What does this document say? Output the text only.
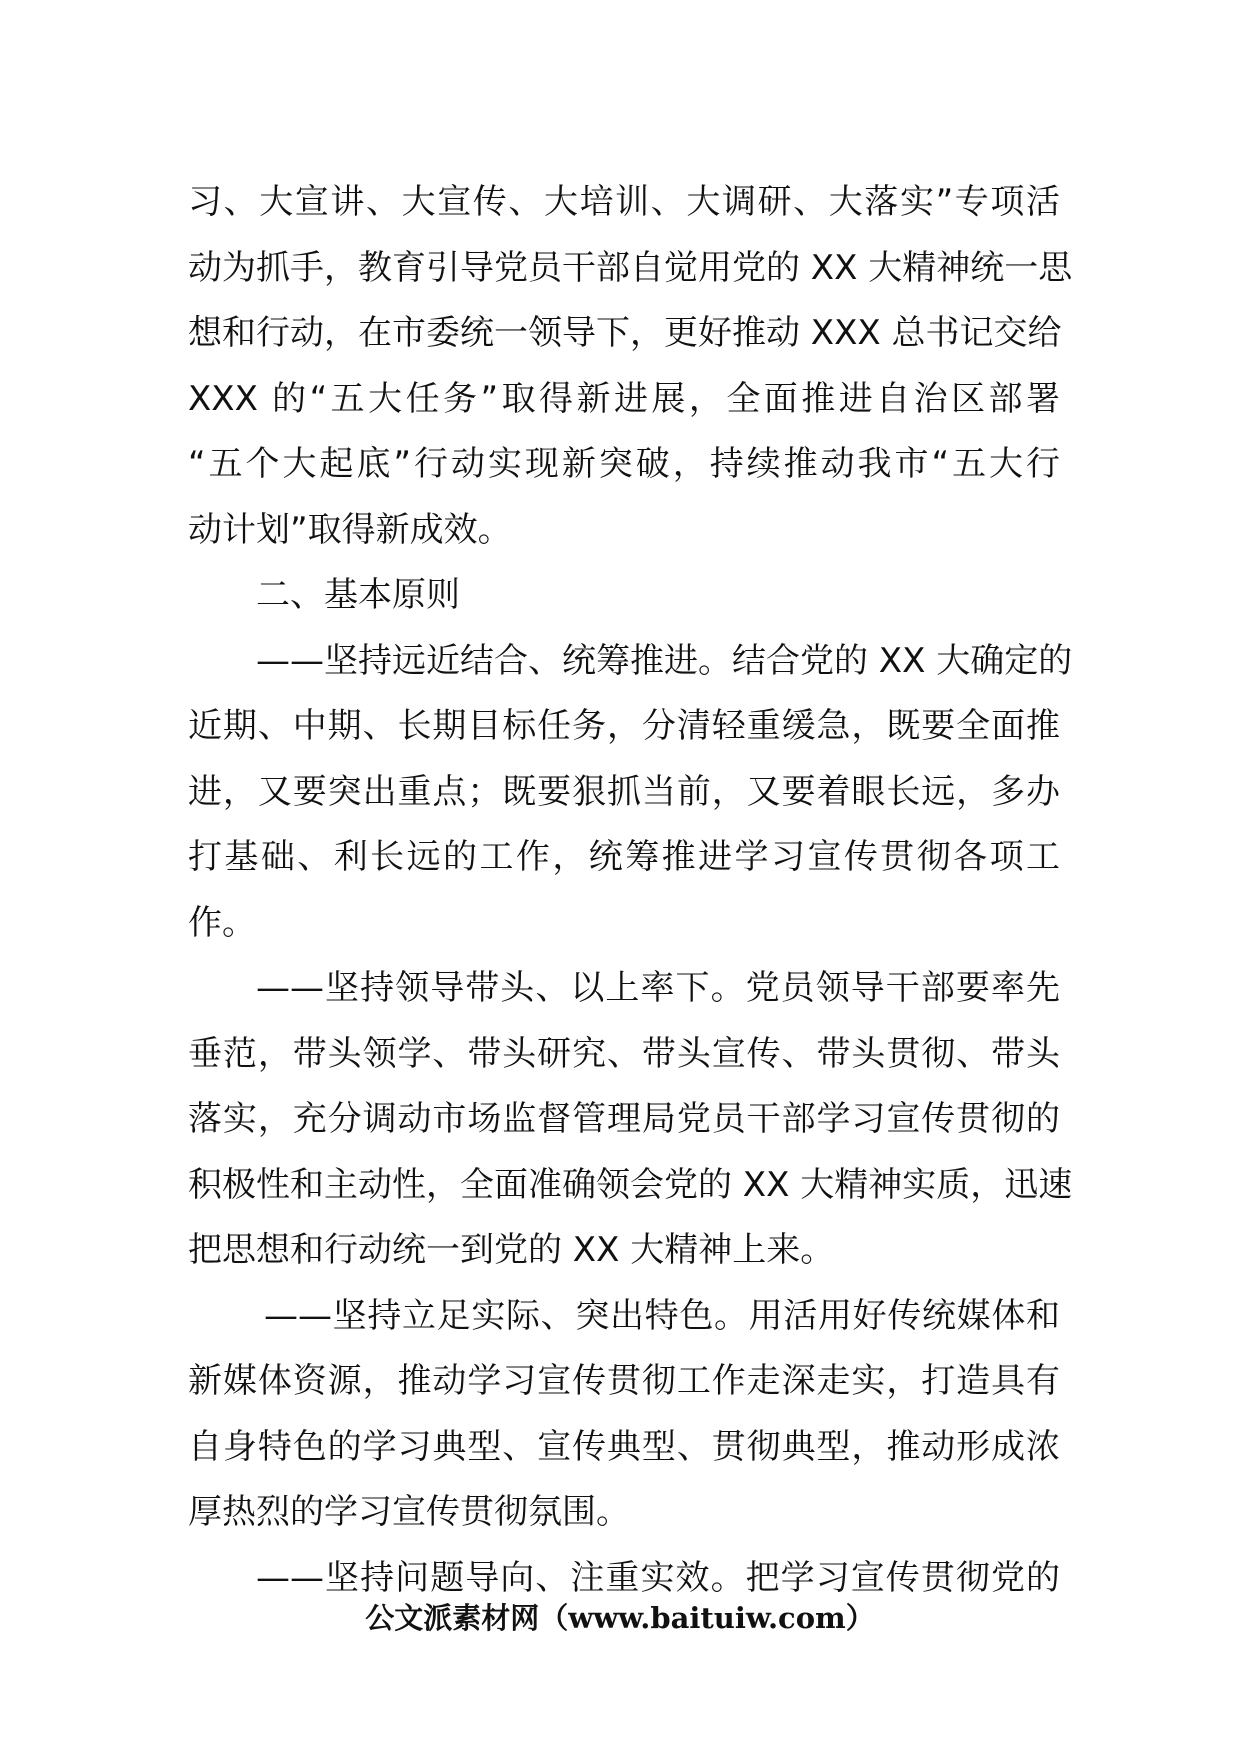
习、大宣讲、大宣传、大培训、大调研、大落实”专项活
动为抓手，教育引导党员干部自觉用党的 XX 大精神统一思
想和行动，在市委统一领导下，更好推动 XXX 总书记交给
XXX 的“五大任务”取得新进展，全面推进自治区部署
“五个大起底”行动实现新突破，持续推动我市“五大行
动计划”取得新成效。
二、基本原则
——坚持远近结合、统筹推进。结合党的 XX 大确定的
近期、中期、长期目标任务，分清轻重缓急，既要全面推
进，又要突出重点；既要狠抓当前，又要着眼长远，多办
打基础、利长远的工作，统筹推进学习宣传贯彻各项工
作。
——坚持领导带头、以上率下。党员领导干部要率先
垂范，带头领学、带头研究、带头宣传、带头贯彻、带头
落实，充分调动市场监督管理局党员干部学习宣传贯彻的
积极性和主动性，全面准确领会党的 XX 大精神实质，迅速
把思想和行动统一到党的 XX 大精神上来。
——坚持立足实际、突出特色。用活用好传统媒体和
新媒体资源，推动学习宣传贯彻工作走深走实，打造具有
自身特色的学习典型、宣传典型、贯彻典型，推动形成浓
厚热烈的学习宣传贯彻氛围。
——坚持问题导向、注重实效。把学习宣传贯彻党的
公文派素材网（www.baituiw.com）
